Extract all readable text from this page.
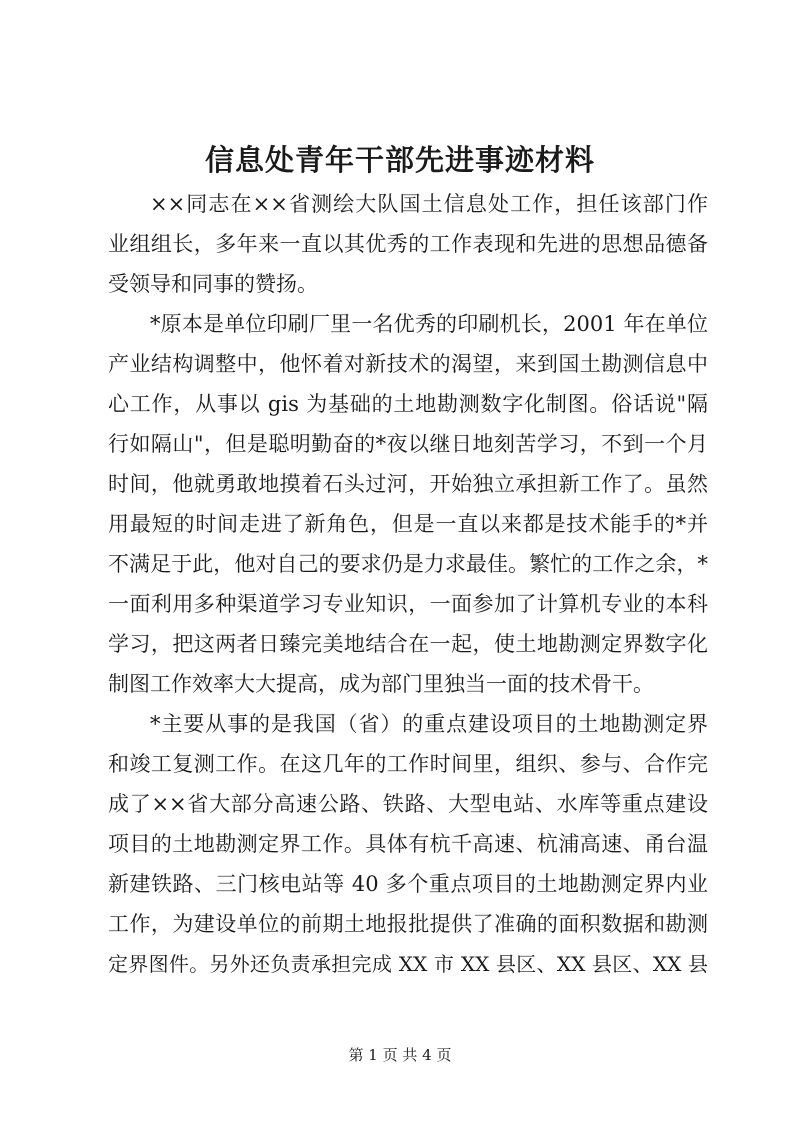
信息处青年干部先进事迹材料
××同志在××省测绘大队国土信息处工作，担任该部门作
业组组长，多年来一直以其优秀的工作表现和先进的思想品德备
受领导和同事的赞扬。
*原本是单位印刷厂里一名优秀的印刷机长，2001 年在单位
产业结构调整中，他怀着对新技术的渴望，来到国土勘测信息中
心工作，从事以 gis 为基础的土地勘测数字化制图。俗话说"隔
行如隔山"，但是聪明勤奋的*夜以继日地刻苦学习，不到一个月
时间，他就勇敢地摸着石头过河，开始独立承担新工作了。虽然
用最短的时间走进了新角色，但是一直以来都是技术能手的*并
不满足于此，他对自己的要求仍是力求最佳。繁忙的工作之余，*
一面利用多种渠道学习专业知识，一面参加了计算机专业的本科
学习，把这两者日臻完美地结合在一起，使土地勘测定界数字化
制图工作效率大大提高，成为部门里独当一面的技术骨干。
*主要从事的是我国（省）的重点建设项目的土地勘测定界
和竣工复测工作。在这几年的工作时间里，组织、参与、合作完
成了××省大部分高速公路、铁路、大型电站、水库等重点建设
项目的土地勘测定界工作。具体有杭千高速、杭浦高速、甬台温
新建铁路、三门核电站等 40 多个重点项目的土地勘测定界内业
工作，为建设单位的前期土地报批提供了准确的面积数据和勘测
定界图件。另外还负责承担完成 XX 市 XX 县区、XX 县区、XX 县
第 1 页 共 4 页
